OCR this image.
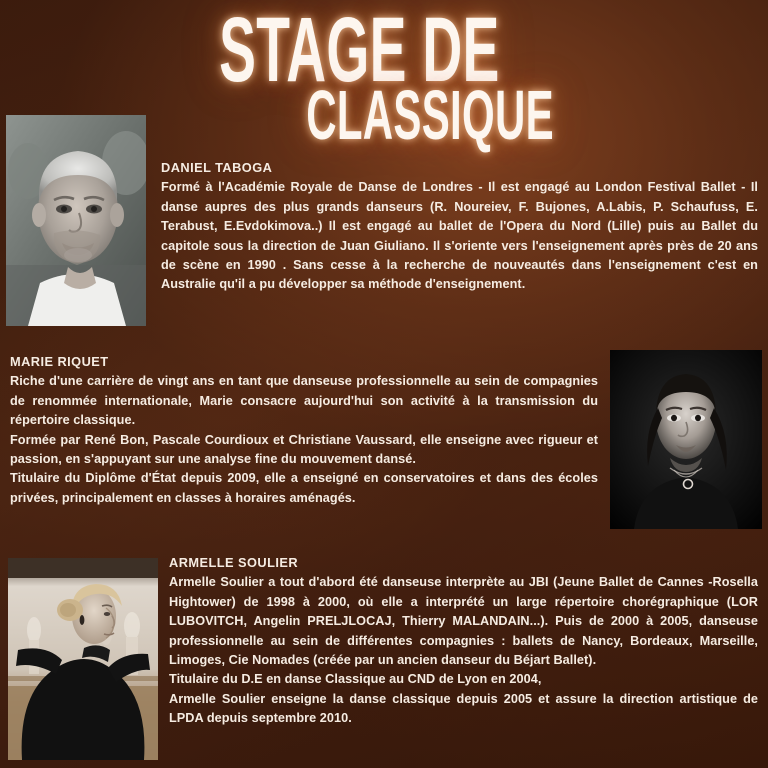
STAGE DE
CLASSIQUE
DANIEL TABOGA

Formé à l'Académie Royale de Danse de Londres - Il est engagé au London Festival Ballet - Il danse aupres des plus grands danseurs (R. Noureiev, F. Bujones, A.Labis, P. Schaufuss, E. Terabust, E.Evdokimova..) Il est engagé au ballet de l'Opera du Nord (Lille) puis au Ballet du capitole sous la direction de Juan Giuliano. Il s'oriente vers l'enseignement après près de 20 ans de scène en 1990 . Sans cesse à la recherche de nouveautés dans l'enseignement c'est en Australie qu'il a pu développer sa méthode d'enseignement.

MARIE RIQUET

Riche d'une carrière de vingt ans en tant que danseuse professionnelle au sein de compagnies de renommée internationale, Marie consacre aujourd'hui son activité à la transmission du répertoire classique.

Formée par René Bon, Pascale Courdioux et Christiane Vaussard, elle enseigne avec rigueur et passion, en s'appuyant sur une analyse fine du mouvement dansé.

Titulaire du Diplôme d'État depuis 2009, elle a enseigné en conservatoires et dans des écoles privées, principalement en classes à horaires aménagés.

ARMELLE SOULIER

Armelle Soulier a tout d'abord été danseuse interprète au JBI (Jeune Ballet de Cannes -Rosella Hightower) de 1998 à 2000, où elle a interprété un large répertoire chorégraphique (LOR LUBOVITCH, Angelin PRELJLOCAJ, Thierry MALANDAIN...). Puis de 2000 à 2005, danseuse professionnelle au sein de différentes compagnies : ballets de Nancy, Bordeaux, Marseille, Limoges, Cie Nomades (créée par un ancien danseur du Béjart Ballet).

Titulaire du D.E en danse Classique au CND de Lyon en 2004,

Armelle Soulier enseigne la danse classique depuis 2005 et assure la direction artistique de LPDA depuis septembre 2010.
